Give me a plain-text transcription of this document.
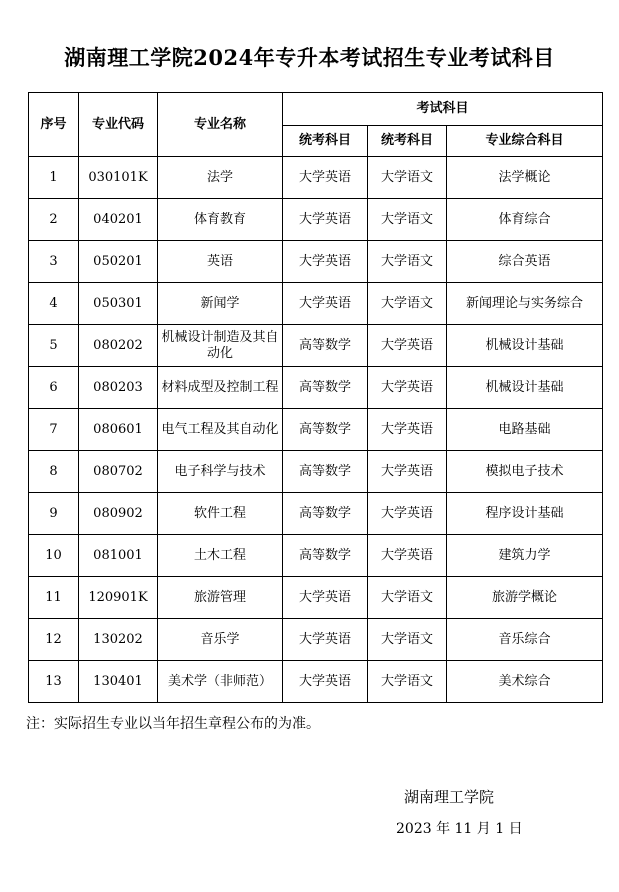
湖南理工学院2024年专升本考试招生专业考试科目
序号	专业代码	专业名称	考试科目		
			统考科目	统考科目	专业综合科目
1	030101K	法学	大学英语	大学语文	法学概论
2	040201	体育教育	大学英语	大学语文	体育综合
3	050201	英语	大学英语	大学语文	综合英语
4	050301	新闻学	大学英语	大学语文	新闻理论与实务综合
5	080202	机械设计制造及其自动化	高等数学	大学英语	机械设计基础
6	080203	材料成型及控制工程	高等数学	大学英语	机械设计基础
7	080601	电气工程及其自动化	高等数学	大学英语	电路基础
8	080702	电子科学与技术	高等数学	大学英语	模拟电子技术
9	080902	软件工程	高等数学	大学英语	程序设计基础
10	081001	土木工程	高等数学	大学英语	建筑力学
11	120901K	旅游管理	大学英语	大学语文	旅游学概论
12	130202	音乐学	大学英语	大学语文	音乐综合
13	130401	美术学（非师范）	大学英语	大学语文	美术综合
注：实际招生专业以当年招生章程公布的为准。
湖南理工学院
2023 年 11 月 1 日
